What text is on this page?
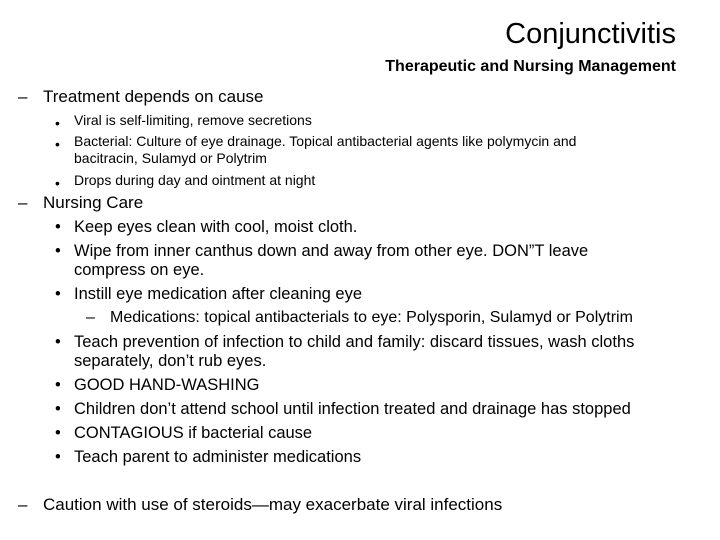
Conjunctivitis
Therapeutic and Nursing Management
– Treatment depends on cause
• Viral is self-limiting, remove secretions
• Bacterial: Culture of eye drainage. Topical antibacterial agents like polymycin and
bacitracin, Sulamyd or Polytrim
• Drops during day and ointment at night
– Nursing Care
• Keep eyes clean with cool, moist cloth.
• Wipe from inner canthus down and away from other eye. DON”T leave
compress on eye.
• Instill eye medication after cleaning eye
– Medications: topical antibacterials to eye: Polysporin, Sulamyd or Polytrim
• Teach prevention of infection to child and family: discard tissues, wash cloths
separately, don’t rub eyes.
• GOOD HAND-WASHING
• Children don’t attend school until infection treated and drainage has stopped
• CONTAGIOUS if bacterial cause
• Teach parent to administer medications
– Caution with use of steroids—may exacerbate viral infections
